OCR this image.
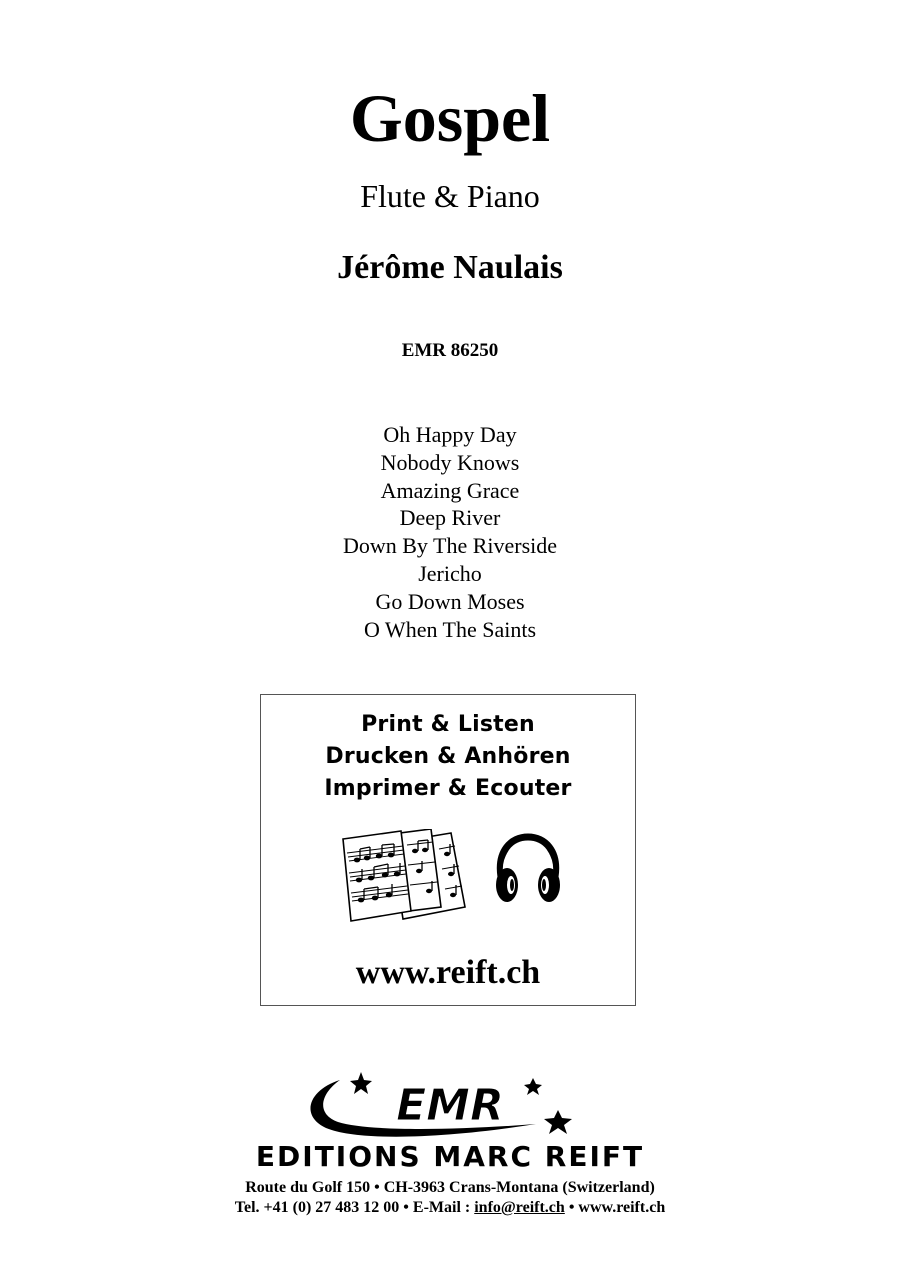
Gospel
Flute & Piano
Jérôme Naulais
EMR 86250
Oh Happy Day
Nobody Knows
Amazing Grace
Deep River
Down By The Riverside
Jericho
Go Down Moses
O When The Saints
Print & Listen
Drucken & Anhören
Imprimer & Ecouter
www.reift.ch
EMR
EDITIONS MARC REIFT
Route du Golf 150 • CH-3963 Crans-Montana (Switzerland)
Tel. +41 (0) 27 483 12 00 • E-Mail : info@reift.ch • www.reift.ch
